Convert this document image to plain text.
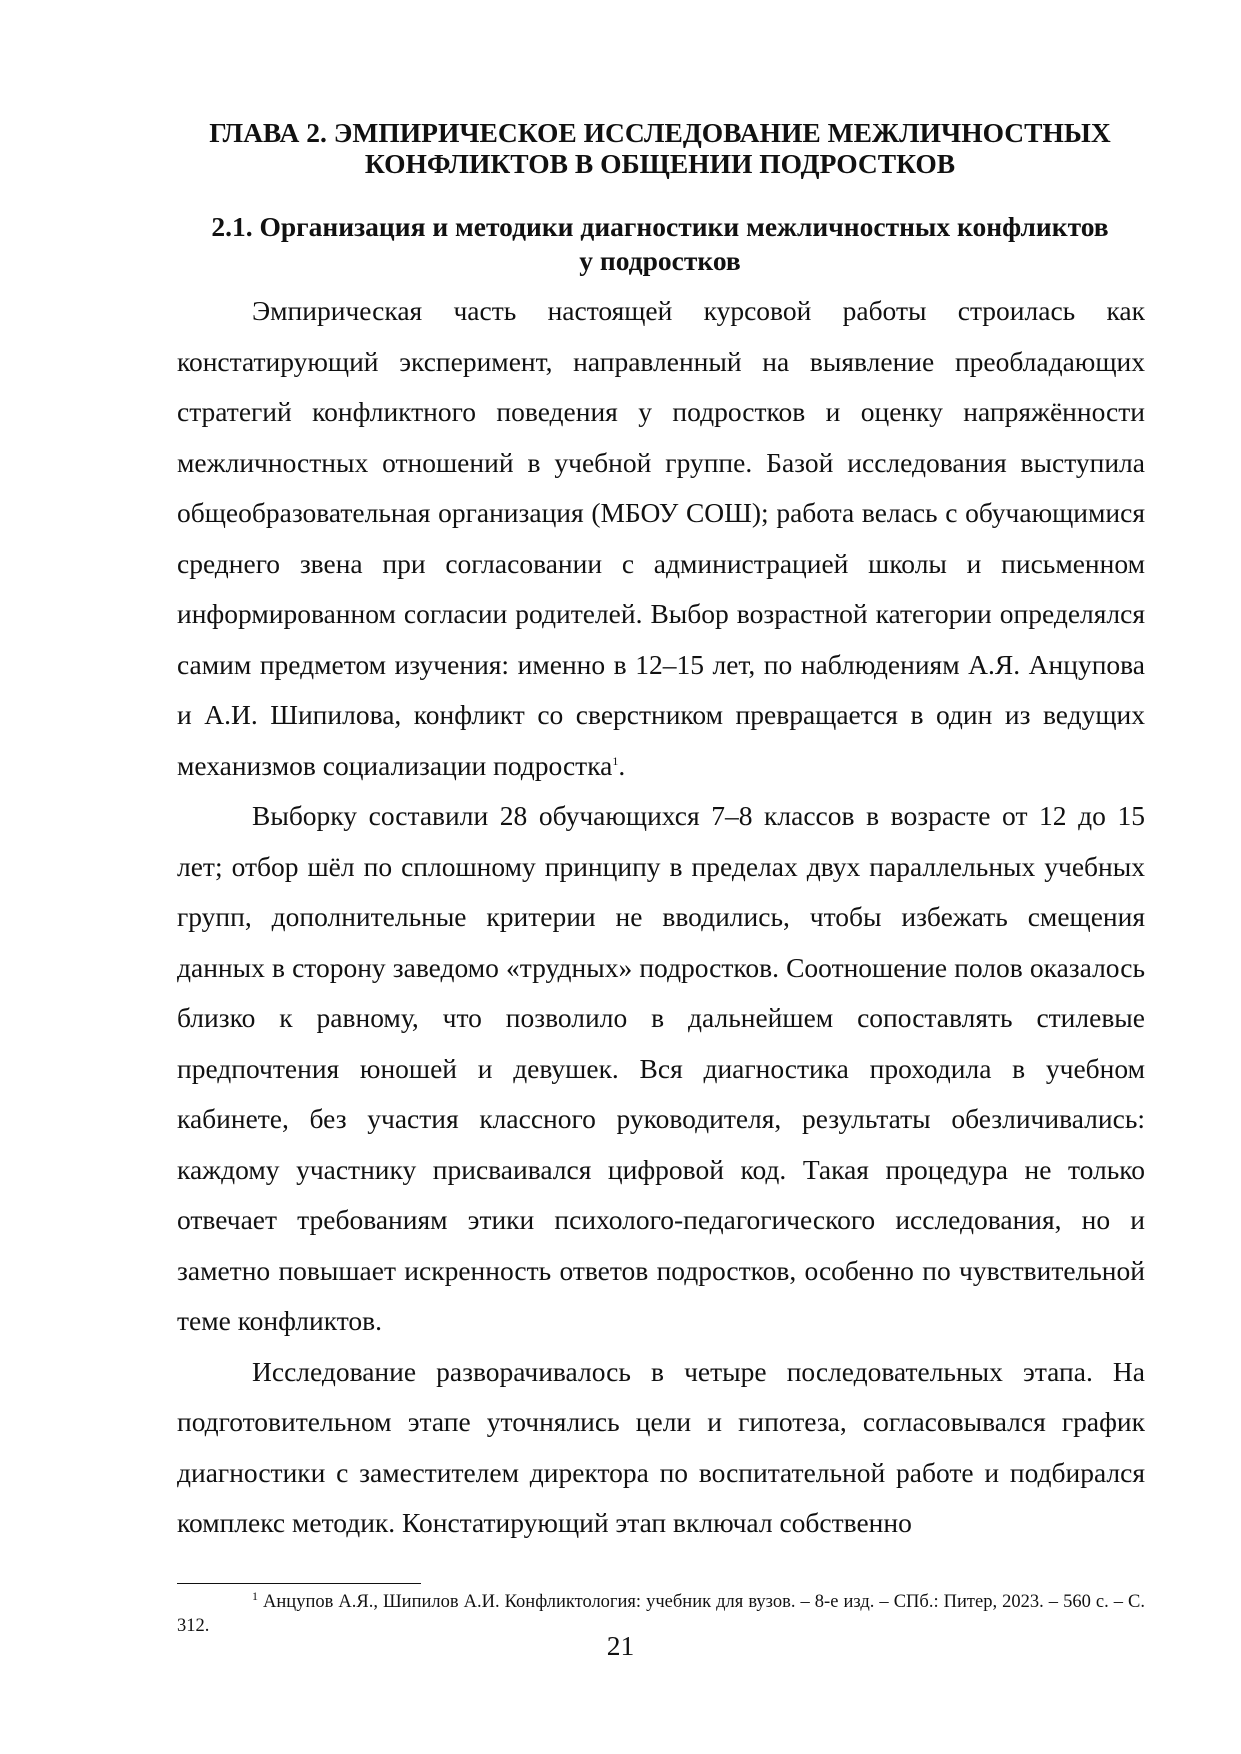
ГЛАВА 2. ЭМПИРИЧЕСКОЕ ИССЛЕДОВАНИЕ МЕЖЛИЧНОСТНЫХ
КОНФЛИКТОВ В ОБЩЕНИИ ПОДРОСТКОВ
2.1. Организация и методики диагностики межличностных конфликтов
у подростков

Эмпирическая часть настоящей курсовой работы строилась как констатирующий эксперимент, направленный на выявление преобладающих стратегий конфликтного поведения у подростков и оценку напряжённости межличностных отношений в учебной группе. Базой исследования выступила общеобразовательная организация (МБОУ СОШ); работа велась с обучающимися среднего звена при согласовании с администрацией школы и письменном информированном согласии родителей. Выбор возрастной категории определялся самим предметом изучения: именно в 12–15 лет, по наблюдениям А.Я. Анцупова и А.И. Шипилова, конфликт со сверстником превращается в один из ведущих механизмов социализации подростка$^1$.

Выборку составили 28 обучающихся 7–8 классов в возрасте от 12 до 15 лет; отбор шёл по сплошному принципу в пределах двух параллельных учебных групп, дополнительные критерии не вводились, чтобы избежать смещения данных в сторону заведомо «трудных» подростков. Соотношение полов оказалось близко к равному, что позволило в дальнейшем сопоставлять стилевые предпочтения юношей и девушек. Вся диагностика проходила в учебном кабинете, без участия классного руководителя, результаты обезличивались: каждому участнику присваивался цифровой код. Такая процедура не только отвечает требованиям этики психолого-педагогического исследования, но и заметно повышает искренность ответов подростков, особенно по чувствительной теме конфликтов.

Исследование разворачивалось в четыре последовательных этапа. На подготовительном этапе уточнялись цели и гипотеза, согласовывался график диагностики с заместителем директора по воспитательной работе и подбирался комплекс методик. Констатирующий этап включал собственно

$^1$ Анцупов А.Я., Шипилов А.И. Конфликтология: учебник для вузов. – 8-е изд. – СПб.: Питер, 2023. – 560 с. – С. 312.

21
